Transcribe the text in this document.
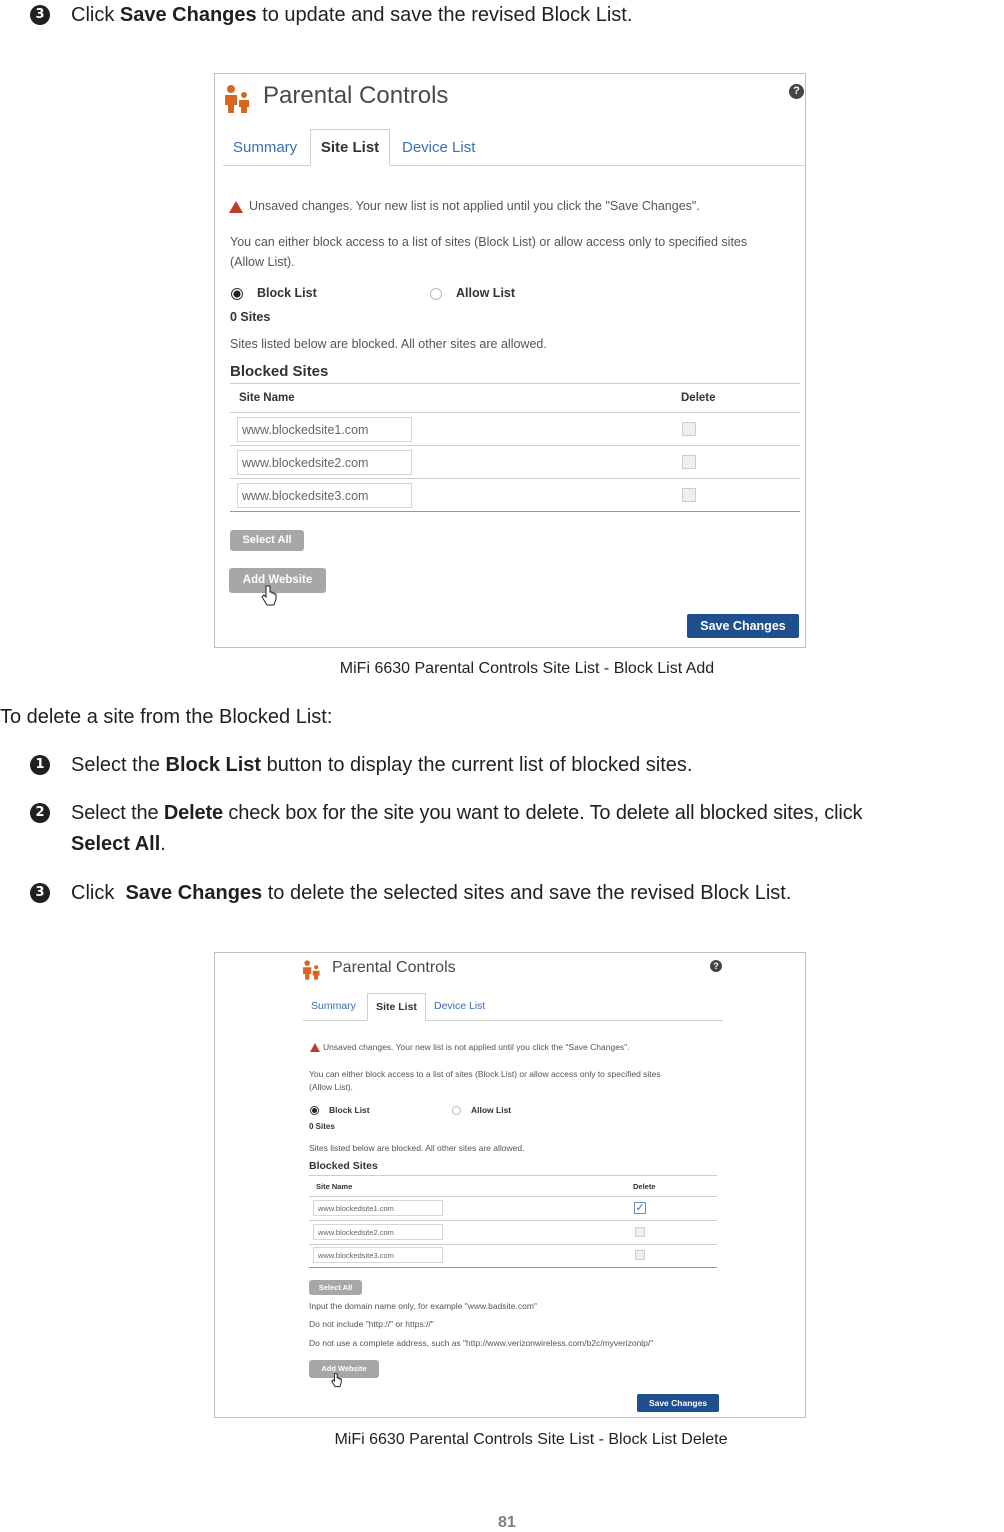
3 Click Save Changes to update and save the revised Block List.
Parental Controls	?
Summary	Site List	Device List
Unsaved changes. Your new list is not applied until you click the "Save Changes".
You can either block access to a list of sites (Block List) or allow access only to specified sites
(Allow List).
Block List	Allow List
0 Sites
Sites listed below are blocked. All other sites are allowed.
Blocked Sites
Site Name	Delete
www.blockedsite1.com
www.blockedsite2.com
www.blockedsite3.com
Select All
Add Website
Save Changes
MiFi 6630 Parental Controls Site List - Block List Add
To delete a site from the Blocked List:
1 Select the Block List button to display the current list of blocked sites.
2 Select the Delete check box for the site you want to delete. To delete all blocked sites, click
Select All.
3 Click  Save Changes to delete the selected sites and save the revised Block List.
Parental Controls	?
Summary	Site List	Device List
Unsaved changes. Your new list is not applied until you click the "Save Changes".
You can either block access to a list of sites (Block List) or allow access only to specified sites
(Allow List).
Block List	Allow List
0 Sites
Sites listed below are blocked. All other sites are allowed.
Blocked Sites
Site Name	Delete
www.blockedsite1.com	✓
www.blockedsite2.com
www.blockedsite3.com
Select All
Input the domain name only, for example "www.badsite.com"
Do not include "http://" or https://"
Do not use a complete address, such as "http://www.verizonwireless.com/b2c/myverizonlp/"
Add Website
Save Changes
MiFi 6630 Parental Controls Site List - Block List Delete
81
